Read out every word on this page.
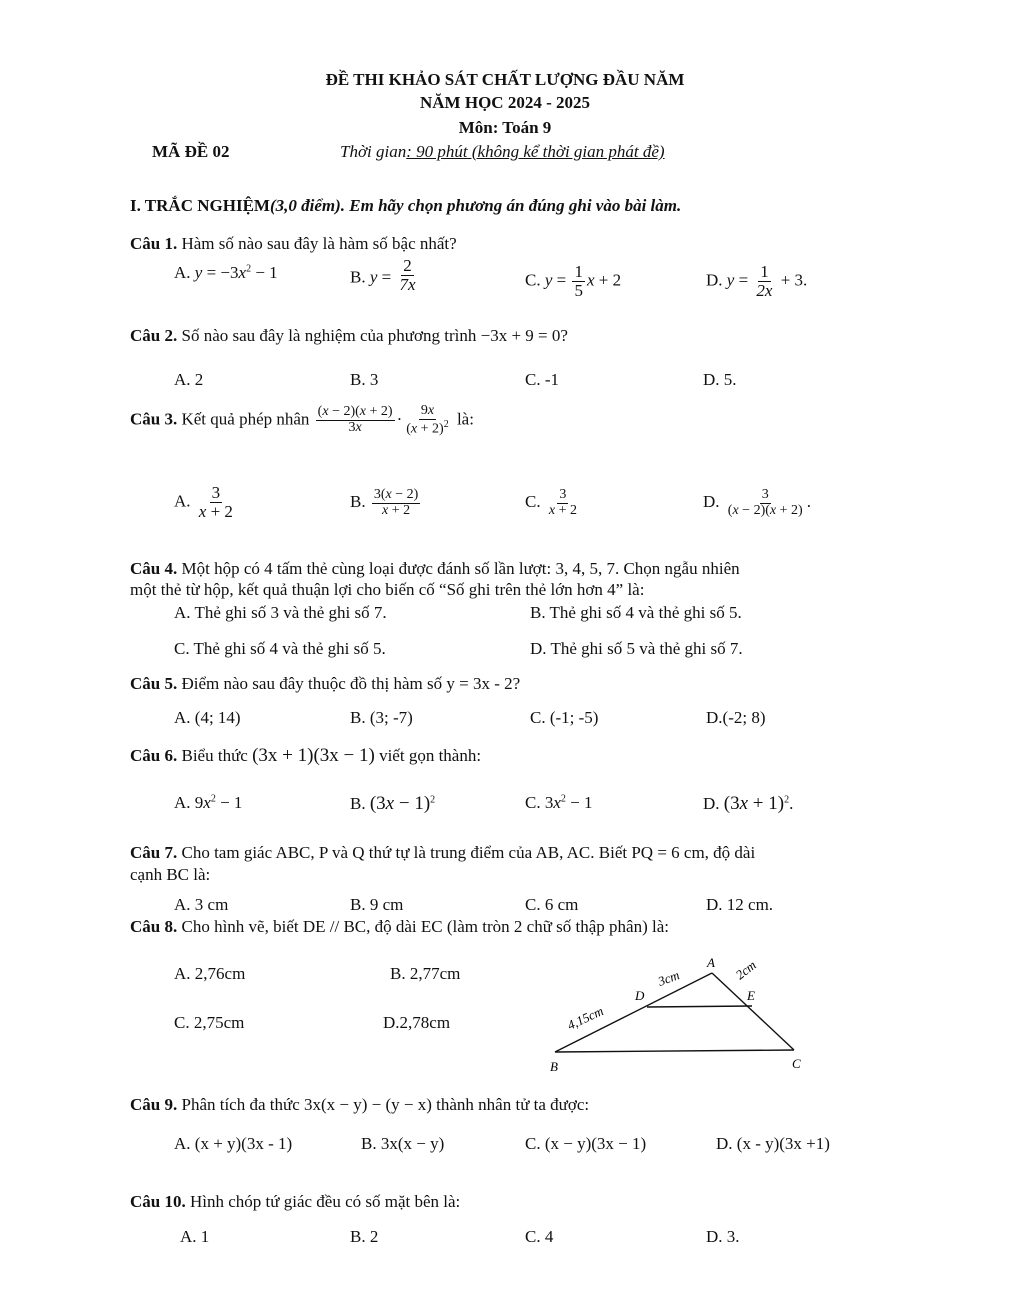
ĐỀ THI KHẢO SÁT CHẤT LƯỢNG ĐẦU NĂM
NĂM HỌC 2024 - 2025
Môn: Toán 9
MÃ ĐỀ 02	Thời gian: 90 phút (không kể thời gian phát đề)
I. TRẮC NGHIỆM(3,0 điểm). Em hãy chọn phương án đúng ghi vào bài làm.
Câu 1. Hàm số nào sau đây là hàm số bậc nhất?
A. $y = -3x^2 - 1$	B. $y = \frac{2}{7x}$	C. $y = \frac{1}{5}$ x + 2	D. $y = \frac{1}{2x} + 3$.
Câu 2. Số nào sau đây là nghiệm của phương trình −3x + 9 = 0?
A. 2	B. 3	C. -1	D. 5.
Câu 3. Kết quả phép nhân $\frac{(x - 2)(x + 2)}{3x} \cdot \frac{9x}{(x + 2)^2}$ là:
A. $\frac{3}{x + 2}$	B. $\frac{3(x - 2)}{x + 2}$	C. $\frac{3}{x + 2}$	D. $\frac{3}{(x - 2)(x + 2)}$ .
Câu 4. Một hộp có 4 tấm thẻ cùng loại được đánh số lần lượt: 3, 4, 5, 7. Chọn ngẫu nhiên
một thẻ từ hộp, kết quả thuận lợi cho biến cố “Số ghi trên thẻ lớn hơn 4” là:
A. Thẻ ghi số 3 và thẻ ghi số 7.	B. Thẻ ghi số 4 và thẻ ghi số 5.
C. Thẻ ghi số 4 và thẻ ghi số 5.	D. Thẻ ghi số 5 và thẻ ghi số 7.
Câu 5. Điểm nào sau đây thuộc đồ thị hàm số y = 3x - 2?
A. (4; 14)	B. (3; -7)	C. (-1; -5)	D.(-2; 8)
Câu 6. Biểu thức (3x + 1)(3x − 1) viết gọn thành:
A. $9x^2 - 1$	B. $(3x - 1)^2$	C. $3x^2 - 1$	D. $(3x + 1)^2$.
Câu 7. Cho tam giác ABC, P và Q thứ tự là trung điểm của AB, AC. Biết PQ = 6 cm, độ dài
cạnh BC là:
A. 3 cm	B. 9 cm	C. 6 cm	D. 12 cm.
Câu 8. Cho hình vẽ, biết DE // BC, độ dài EC (làm tròn 2 chữ số thập phân) là:
A. 2,76cm	B. 2,77cm
C. 2,75cm	D.2,78cm
A
B	C
D	E
3cm	2cm
4,15cm
Câu 9. Phân tích đa thức 3x(x − y) − (y − x) thành nhân tử ta được:
A. (x + y)(3x - 1)	B. 3x(x − y)	C. (x − y)(3x − 1)	D. (x - y)(3x +1)
Câu 10. Hình chóp tứ giác đều có số mặt bên là:
A. 1	B. 2	C. 4	D. 3.
